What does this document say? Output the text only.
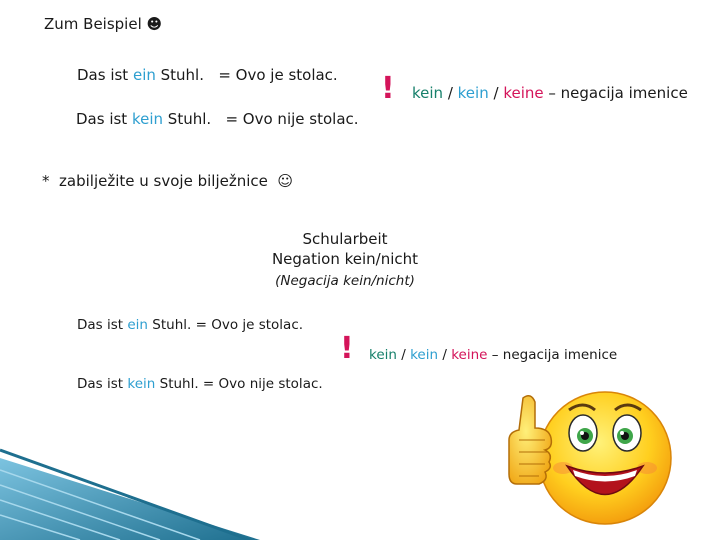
Zum Beispiel ☻
Das ist ein Stuhl. = Ovo je stolac.
Das ist kein Stuhl. = Ovo nije stolac.
! kein / kein / keine – negacija imenice
*  zabilježite u svoje bilježnice ☺
Schularbeit
Negation kein/nicht
(Negacija kein/nicht)
Das ist ein Stuhl. = Ovo je stolac.
Das ist kein Stuhl. = Ovo nije stolac.
! kein / kein / keine – negacija imenice
